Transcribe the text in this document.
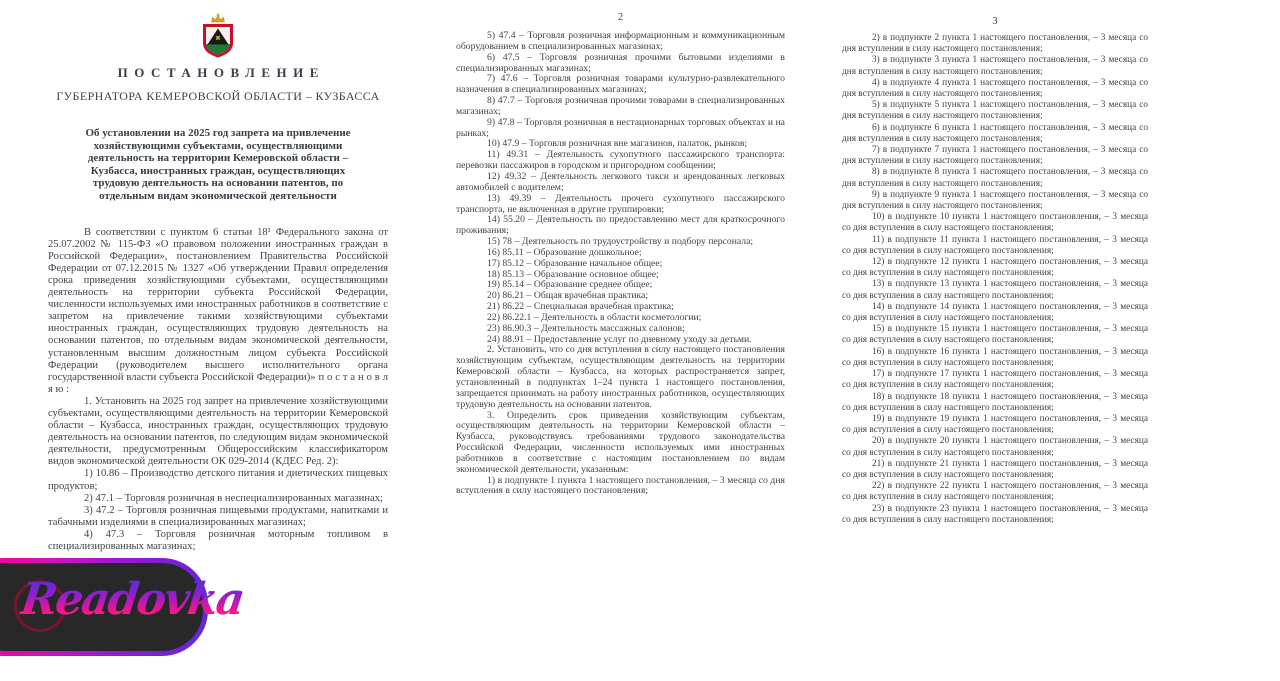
ПОСТАНОВЛЕНИЕ
ГУБЕРНАТОРА КЕМЕРОВСКОЙ ОБЛАСТИ – КУЗБАССА
Об установлении на 2025 год запрета на привлечение хозяйствующими субъектами, осуществляющими деятельность на территории Кемеровской области – Кузбасса, иностранных граждан, осуществляющих трудовую деятельность на основании патентов, по отдельным видам экономической деятельности

В соответствии с пунктом 6 статьи 18¹ Федерального закона от 25.07.2002 № 115-ФЗ «О правовом положении иностранных граждан в Российской Федерации», постановлением Правительства Российской Федерации от 07.12.2015 № 1327 «Об утверждении Правил определения срока приведения хозяйствующими субъектами, осуществляющими деятельность на территории субъекта Российской Федерации, численности используемых ими иностранных работников в соответствие с запретом на привлечение такими хозяйствующими субъектами иностранных граждан, осуществляющих трудовую деятельность на основании патентов, по отдельным видам экономической деятельности, установленным высшим должностным лицом субъекта Российской Федерации (руководителем высшего исполнительного органа государственной власти субъекта Российской Федерации)» п о с т а н о в л я ю :

1. Установить на 2025 год запрет на привлечение хозяйствующими субъектами, осуществляющими деятельность на территории Кемеровской области – Кузбасса, иностранных граждан, осуществляющих трудовую деятельность на основании патентов, по следующим видам экономической деятельности, предусмотренным Общероссийским классификатором видов экономической деятельности ОК 029-2014 (КДЕС Ред. 2):

1) 10.86 – Производство детского питания и диетических пищевых продуктов;

2) 47.1 – Торговля розничная в неспециализированных магазинах;

3) 47.2 – Торговля розничная пищевыми продуктами, напитками и табачными изделиями в специализированных магазинах;

4) 47.3 – Торговля розничная моторным топливом в специализированных магазинах;

2

5) 47.4 – Торговля розничная информационным и коммуникационным оборудованием в специализированных магазинах;

6) 47.5 – Торговля розничная прочими бытовыми изделиями в специализированных магазинах;

7) 47.6 – Торговля розничная товарами культурно-развлекательного назначения в специализированных магазинах;

8) 47.7 – Торговля розничная прочими товарами в специализированных магазинах;

9) 47.8 – Торговля розничная в нестационарных торговых объектах и на рынках;

10) 47.9 – Торговля розничная вне магазинов, палаток, рынков;

11) 49.31 – Деятельность сухопутного пассажирского транспорта: перевозки пассажиров в городском и пригородном сообщении;

12) 49.32 – Деятельность легкового такси и арендованных легковых автомобилей с водителем;

13) 49.39 – Деятельность прочего сухопутного пассажирского транспорта, не включенная в другие группировки;

14) 55.20 – Деятельность по предоставлению мест для краткосрочного проживания;

15) 78 – Деятельность по трудоустройству и подбору персонала;

16) 85.11 – Образование дошкольное;

17) 85.12 – Образование начальное общее;

18) 85.13 – Образование основное общее;

19) 85.14 – Образование среднее общее;

20) 86.21 – Общая врачебная практика;

21) 86.22 – Специальная врачебная практика;

22) 86.22.1 – Деятельность в области косметологии;

23) 86.90.3 – Деятельность массажных салонов;

24) 88.91 – Предоставление услуг по дневному уходу за детьми.

2. Установить, что со дня вступления в силу настоящего постановления хозяйствующим субъектам, осуществляющим деятельность на территории Кемеровской области – Кузбасса, на которых распространяется запрет, установленный в подпунктах 1–24 пункта 1 настоящего постановления, запрещается принимать на работу иностранных работников, осуществляющих трудовую деятельность на основании патентов.

3. Определить срок приведения хозяйствующим субъектам, осуществляющим деятельность на территории Кемеровской области – Кузбасса, руководствуясь требованиями трудового законодательства Российской Федерации, численности используемых ими иностранных работников в соответствие с настоящим постановлением по видам экономической деятельности, указанным:

1) в подпункте 1 пункта 1 настоящего постановления, – 3 месяца со дня вступления в силу настоящего постановления;

3

2) в подпункте 2 пункта 1 настоящего постановления, – 3 месяца со дня вступления в силу настоящего постановления;

3) в подпункте 3 пункта 1 настоящего постановления, – 3 месяца со дня вступления в силу настоящего постановления;

4) в подпункте 4 пункта 1 настоящего постановления, – 3 месяца со дня вступления в силу настоящего постановления;

5) в подпункте 5 пункта 1 настоящего постановления, – 3 месяца со дня вступления в силу настоящего постановления;

6) в подпункте 6 пункта 1 настоящего постановления, – 3 месяца со дня вступления в силу настоящего постановления;

7) в подпункте 7 пункта 1 настоящего постановления, – 3 месяца со дня вступления в силу настоящего постановления;

8) в подпункте 8 пункта 1 настоящего постановления, – 3 месяца со дня вступления в силу настоящего постановления;

9) в подпункте 9 пункта 1 настоящего постановления, – 3 месяца со дня вступления в силу настоящего постановления;

10) в подпункте 10 пункта 1 настоящего постановления, – 3 месяца со дня вступления в силу настоящего постановления;

11) в подпункте 11 пункта 1 настоящего постановления, – 3 месяца со дня вступления в силу настоящего постановления;

12) в подпункте 12 пункта 1 настоящего постановления, – 3 месяца со дня вступления в силу настоящего постановления;

13) в подпункте 13 пункта 1 настоящего постановления, – 3 месяца со дня вступления в силу настоящего постановления;

14) в подпункте 14 пункта 1 настоящего постановления, – 3 месяца со дня вступления в силу настоящего постановления;

15) в подпункте 15 пункта 1 настоящего постановления, – 3 месяца со дня вступления в силу настоящего постановления;

16) в подпункте 16 пункта 1 настоящего постановления, – 3 месяца со дня вступления в силу настоящего постановления;

17) в подпункте 17 пункта 1 настоящего постановления, – 3 месяца со дня вступления в силу настоящего постановления;

18) в подпункте 18 пункта 1 настоящего постановления, – 3 месяца со дня вступления в силу настоящего постановления;

19) в подпункте 19 пункта 1 настоящего постановления, – 3 месяца со дня вступления в силу настоящего постановления;

20) в подпункте 20 пункта 1 настоящего постановления, – 3 месяца со дня вступления в силу настоящего постановления;

21) в подпункте 21 пункта 1 настоящего постановления, – 3 месяца со дня вступления в силу настоящего постановления;

22) в подпункте 22 пункта 1 настоящего постановления, – 3 месяца со дня вступления в силу настоящего постановления;

23) в подпункте 23 пункта 1 настоящего постановления, – 3 месяца со дня вступления в силу настоящего постановления;

Readovka
